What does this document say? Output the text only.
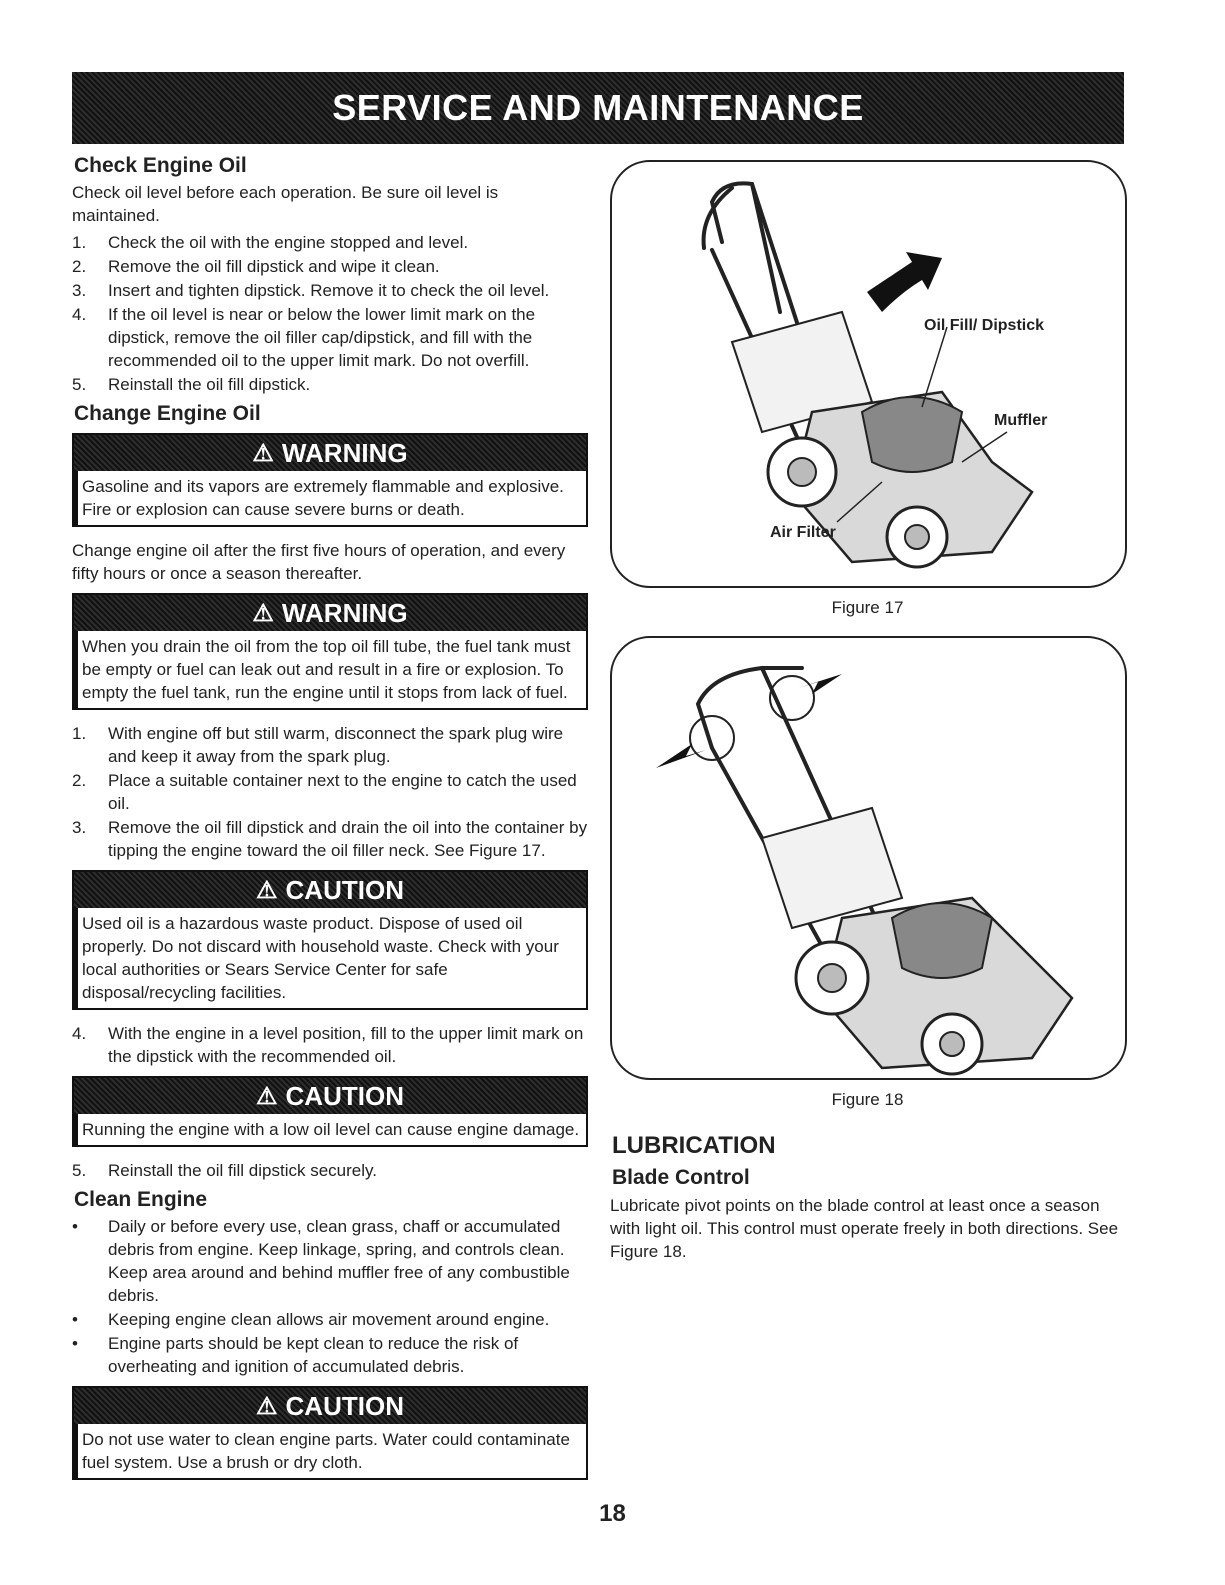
SERVICE AND MAINTENANCE
Check Engine Oil

Check oil level before each operation. Be sure oil level is maintained.

1. Check the oil with the engine stopped and level.
2. Remove the oil fill dipstick and wipe it clean.
3. Insert and tighten dipstick. Remove it to check the oil level.
4. If the oil level is near or below the lower limit mark on the dipstick, remove the oil filler cap/dipstick, and fill with the recommended oil to the upper limit mark. Do not overfill.
5. Reinstall the oil fill dipstick.
Change Engine Oil
⚠ WARNING
Gasoline and its vapors are extremely flammable and explosive. Fire or explosion can cause severe burns or death.

Change engine oil after the first five hours of operation, and every fifty hours or once a season thereafter.

⚠ WARNING
When you drain the oil from the top oil fill tube, the fuel tank must be empty or fuel can leak out and result in a fire or explosion. To empty the fuel tank, run the engine until it stops from lack of fuel.
1. With engine off but still warm, disconnect the spark plug wire and keep it away from the spark plug.
2. Place a suitable container next to the engine to catch the used oil.
3. Remove the oil fill dipstick and drain the oil into the container by tipping the engine toward the oil filler neck. See Figure 17.
⚠ CAUTION
Used oil is a hazardous waste product. Dispose of used oil properly. Do not discard with household waste. Check with your local authorities or Sears Service Center for safe disposal/recycling facilities.
4. With the engine in a level position, fill to the upper limit mark on the dipstick with the recommended oil.
⚠ CAUTION
Running the engine with a low oil level can cause engine damage.
5. Reinstall the oil fill dipstick securely.
Clean Engine
• Daily or before every use, clean grass, chaff or accumulated debris from engine. Keep linkage, spring, and controls clean. Keep area around and behind muffler free of any combustible debris.
• Keeping engine clean allows air movement around engine.
• Engine parts should be kept clean to reduce the risk of overheating and ignition of accumulated debris.
⚠ CAUTION
Do not use water to clean engine parts. Water could contaminate fuel system. Use a brush or dry cloth.
Oil Fill/ Dipstick
Muffler
Air Filter
Figure 17
Figure 18
LUBRICATION
Blade Control

Lubricate pivot points on the blade control at least once a season with light oil. This control must operate freely in both directions. See Figure 18.

18
